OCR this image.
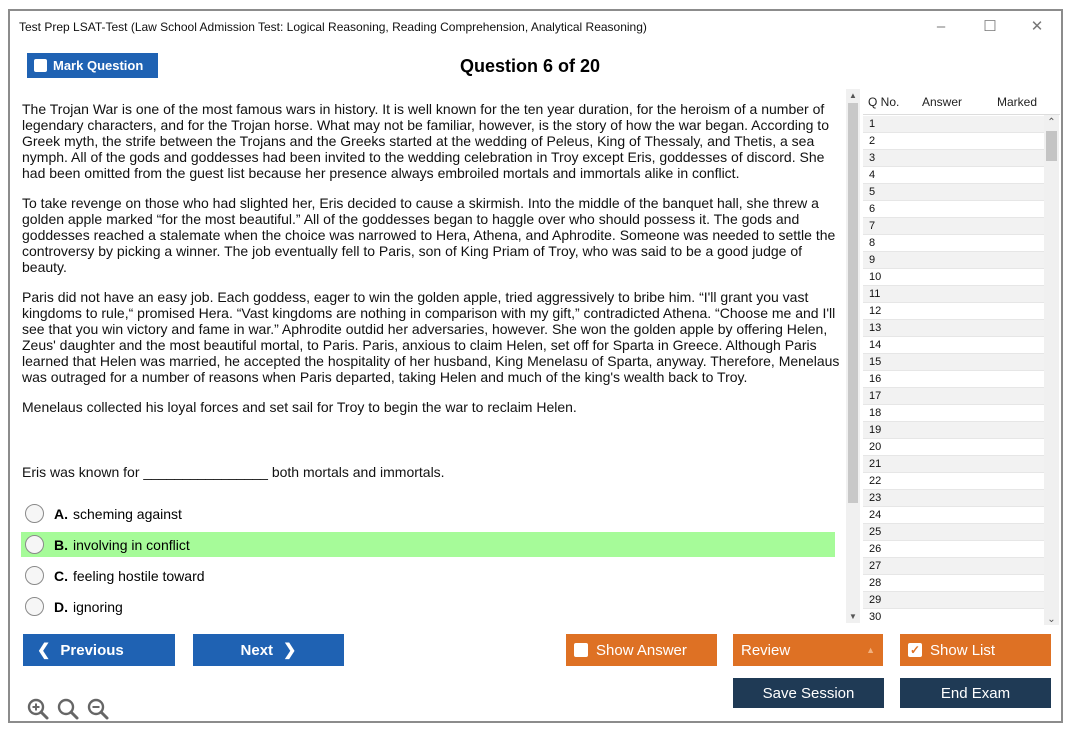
Test Prep LSAT-Test (Law School Admission Test: Logical Reasoning, Reading Comprehension, Analytical Reasoning)	–	☐	✕
Mark Question	Question 6 of 20

The Trojan War is one of the most famous wars in history. It is well known for the ten year duration, for the heroism of a number of legendary characters, and for the Trojan horse. What may not be familiar, however, is the story of how the war began. According to Greek myth, the strife between the Trojans and the Greeks started at the wedding of Peleus, King of Thessaly, and Thetis, a sea nymph. All of the gods and goddesses had been invited to the wedding celebration in Troy except Eris, goddesses of discord. She had been omitted from the guest list because her presence always embroiled mortals and immortals alike in conflict.

To take revenge on those who had slighted her, Eris decided to cause a skirmish. Into the middle of the banquet hall, she threw a golden apple marked “for the most beautiful.” All of the goddesses began to haggle over who should possess it. The gods and goddesses reached a stalemate when the choice was narrowed to Hera, Athena, and Aphrodite. Someone was needed to settle the controversy by picking a winner. The job eventually fell to Paris, son of King Priam of Troy, who was said to be a good judge of beauty.

Paris did not have an easy job. Each goddess, eager to win the golden apple, tried aggressively to bribe him. “I'll grant you vast kingdoms to rule,“ promised Hera. “Vast kingdoms are nothing in comparison with my gift,” contradicted Athena. “Choose me and I'll see that you win victory and fame in war.” Aphrodite outdid her adversaries, however. She won the golden apple by offering Helen, Zeus' daughter and the most beautiful mortal, to Paris. Paris, anxious to claim Helen, set off for Sparta in Greece. Although Paris learned that Helen was married, he accepted the hospitality of her husband, King Menelasu of Sparta, anyway. Therefore, Menelaus was outraged for a number of reasons when Paris departed, taking Helen and much of the king's wealth back to Troy.

Menelaus collected his loyal forces and set sail for Troy to begin the war to reclaim Helen.

Eris was known for ________________ both mortals and immortals.
A. scheming against
B. involving in conflict
C. feeling hostile toward
D. ignoring
▲
▼
Q No. Answer	Marked
1
2
3
4
5
6
7
8
9
10
11
12
13
14
15
16
17
18
19
20
21
22
23
24
25
26
27
28
29
30
⌃
⌄
❮ Previous	Next ❯	Show Answer	Review	▲	✓ Show List
Save Session	End Exam
